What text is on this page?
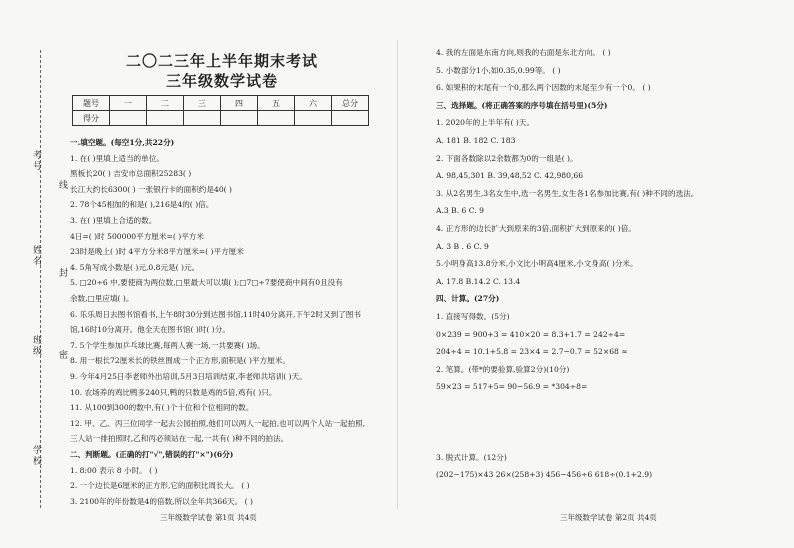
考号
姓名
班级
学校
线
封
密
二〇二三年上半年期末考试
三年级数学试卷
题号	一	二	三	四	五	六	总分
得分							
一.填空题。(每空1分,共22分)
1. 在( )里填上适当的单位。
黑板长20( ) 吉安市总面积25283( )
长江大约长6300( ) 一张银行卡的面积约是40( )
2. 78个45相加的和是( ),216是4的( )倍。
3. 在( )里填上合适的数。
4日=( )时 500000平方厘米=( )平方米
23时是晚上( )时 4平方分米8平方厘米=( )平方厘米
4. 5角写成小数是( )元,0.8元是( )元。
5. □20÷6 中,要使商为两位数,□里最大可以填( );□7□÷7要使商中间有0且没有
余数,□里应填( )。
6. 乐乐周日去图书馆看书,上午8时30分到达图书馆,11时40分离开,下午2时又到了图书
馆,16时10分离开。他全天在图书馆( )时( )分。
7. 5个学生参加乒乓球比赛,每两人赛一场,一共要赛( )场。
8. 用一根长72厘米长的铁丝围成一个正方形,面积是( )平方厘米。
9. 今年4月25日李老师外出培训,5月3日培训结束,李老师共培训( )天。
10. 农场养的鸡比鸭多240只,鸭的只数是鸡的5倍,鸡有( )只。
11. 从100到300的数中,有( )个十位和个位相同的数。
12. 甲、乙、丙三位同学一起去公园拍照,他们可以两人一起拍,也可以两个人站一起拍照,
三人站一排拍照时,乙和丙必须站在一起,一共有( )种不同的拍法。
二、判断题。(正确的打"√",错误的打"×")(6分)
1. 8:00 表示 8 小时。 ( )
2. 一个边长是6厘米的正方形,它的面积比周长大。 ( )
3. 2100年的年份数是4的倍数,所以全年共366天。 ( )
4. 我的左面是东南方向,则我的右面是东北方向。 ( )
5. 小数部分1小,如0.35,0.99等。 ( )
6. 如果积的末尾有一个0,那么两个因数的末尾至少有一个0。 ( )
三、选择题。(将正确答案的序号填在括号里)(5分)
1. 2020年的上半年有( )天。
A. 181 B. 182 C. 183
2. 下面各数除以2余数都为0的一组是( )。
A. 98,45,301 B. 39,48,52 C. 42,980,66
3. 从2名男生,3名女生中,选一名男生,女生各1名参加比赛,有( )种不同的选法。
A.3 B. 6 C. 9
4. 正方形的边长扩大到原来的3倍,面积扩大到原来的( )倍。
A. 3 B . 6 C. 9
5.小明身高13.8分米,小文比小明高4厘米,小文身高( )分米。
A. 17.8 B.14.2 C. 13.4
四、计算。(27分)
1. 直接写得数。(5分)
0×239 = 900+3 = 410×20 = 8.3+1.7 = 242÷4=
204÷4 = 10.1+5.8 = 23×4 = 2.7−0.7 = 52×68 ≈
2. 笔算。(带*的要验算,验算2分)(10分)
59×23 = 517+5= 90−56.9 = *304÷8=
3. 脱式计算。(12分)
(202−175)×43 26×(258+3) 456−456÷6 618÷(0.1+2.9)
三年级数学试卷 第1页 共4页	三年级数学试卷 第2页 共4页
